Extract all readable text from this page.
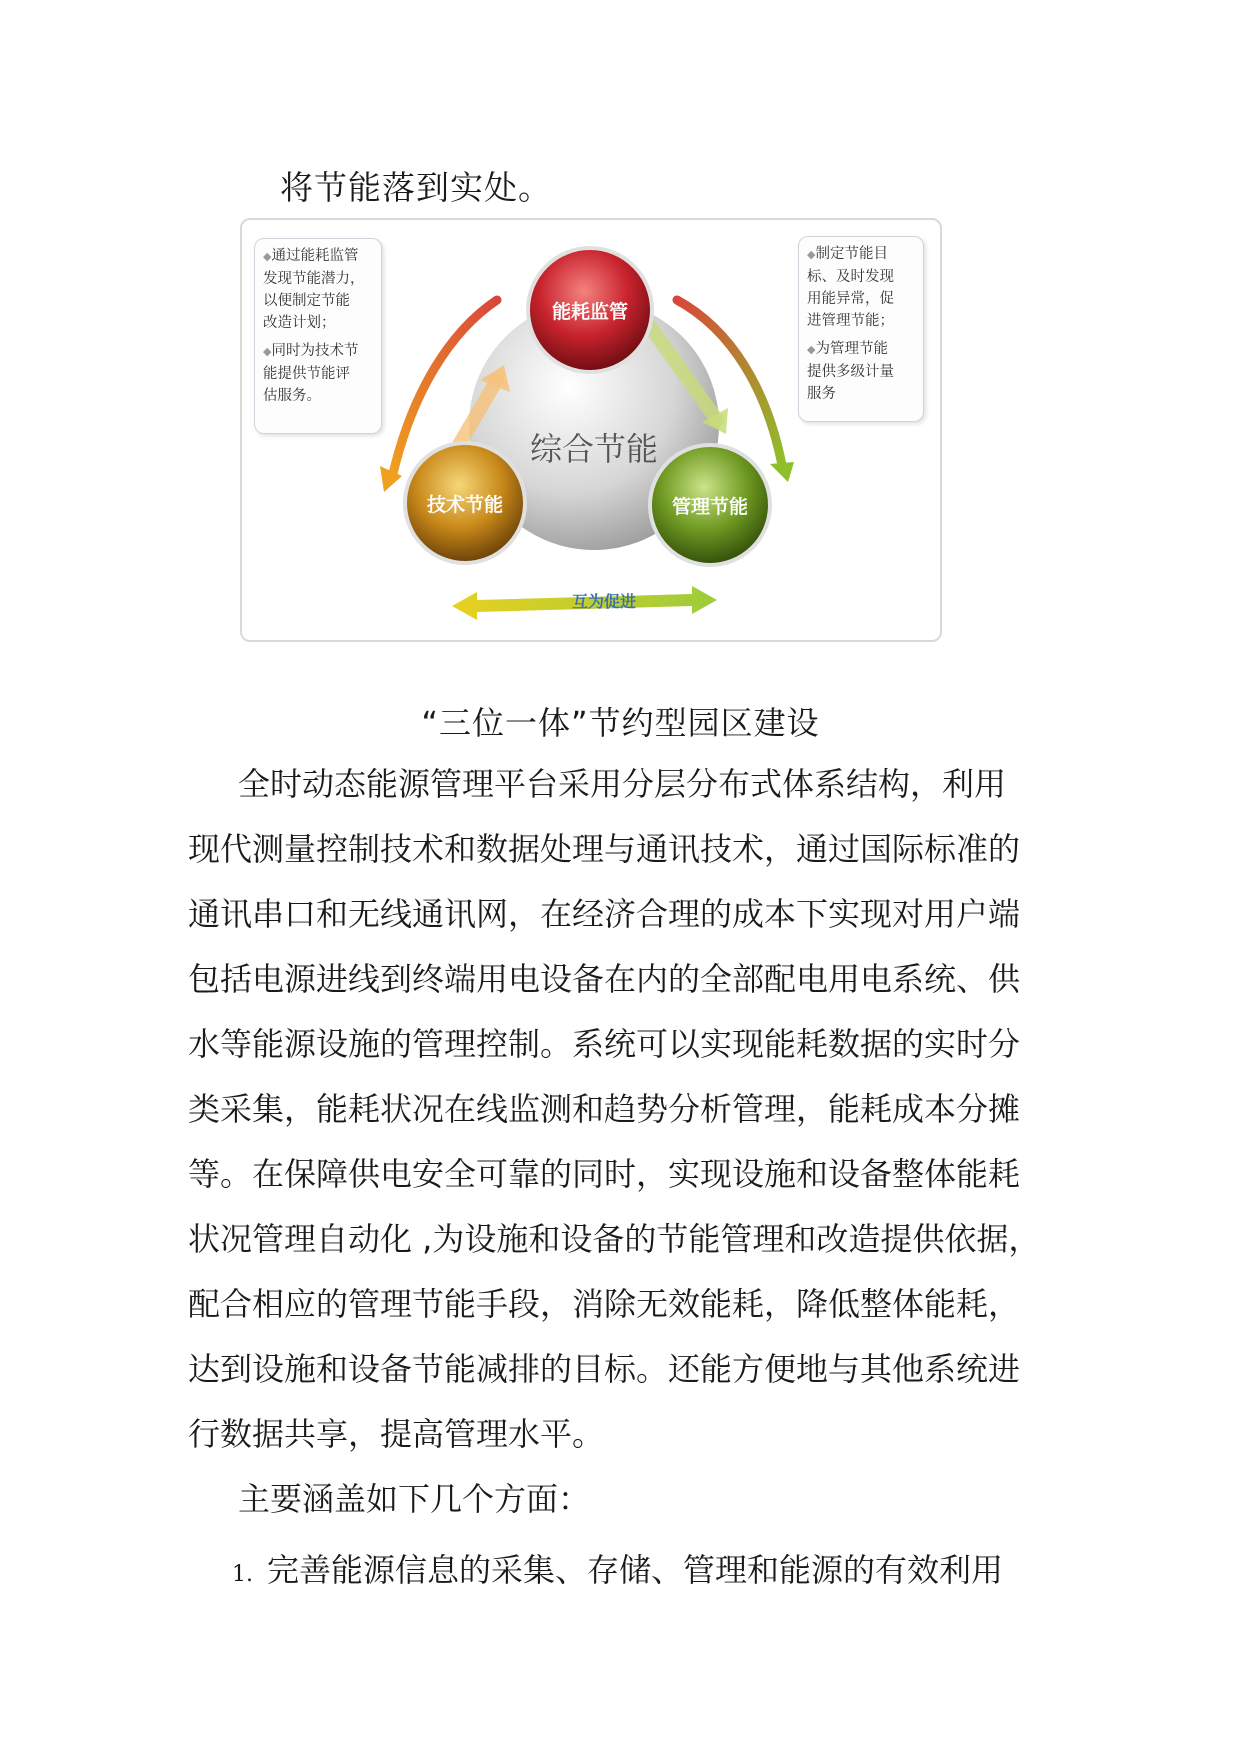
将节能落到实处。
综合节能
能耗监管
技术节能	管理节能
互为促进

◆通过能耗监管
发现节能潜力，
以便制定节能
改造计划；

◆同时为技术节
能提供节能评
估服务。

◆制定节能目
标、及时发现
用能异常，促
进管理节能；

◆为管理节能
提供多级计量
服务

“三位一体”节约型园区建设
全时动态能源管理平台采用分层分布式体系结构，利用
现代测量控制技术和数据处理与通讯技术，通过国际标准的
通讯串口和无线通讯网，在经济合理的成本下实现对用户端
包括电源进线到终端用电设备在内的全部配电用电系统、供
水等能源设施的管理控制。系统可以实现能耗数据的实时分
类采集，能耗状况在线监测和趋势分析管理，能耗成本分摊
等。在保障供电安全可靠的同时，实现设施和设备整体能耗
状况管理自动化 ,为设施和设备的节能管理和改造提供依据，
配合相应的管理节能手段，消除无效能耗，降低整体能耗，
达到设施和设备节能减排的目标。还能方便地与其他系统进
行数据共享，提高管理水平。
主要涵盖如下几个方面：
1. 完善能源信息的采集、存储、管理和能源的有效利用
